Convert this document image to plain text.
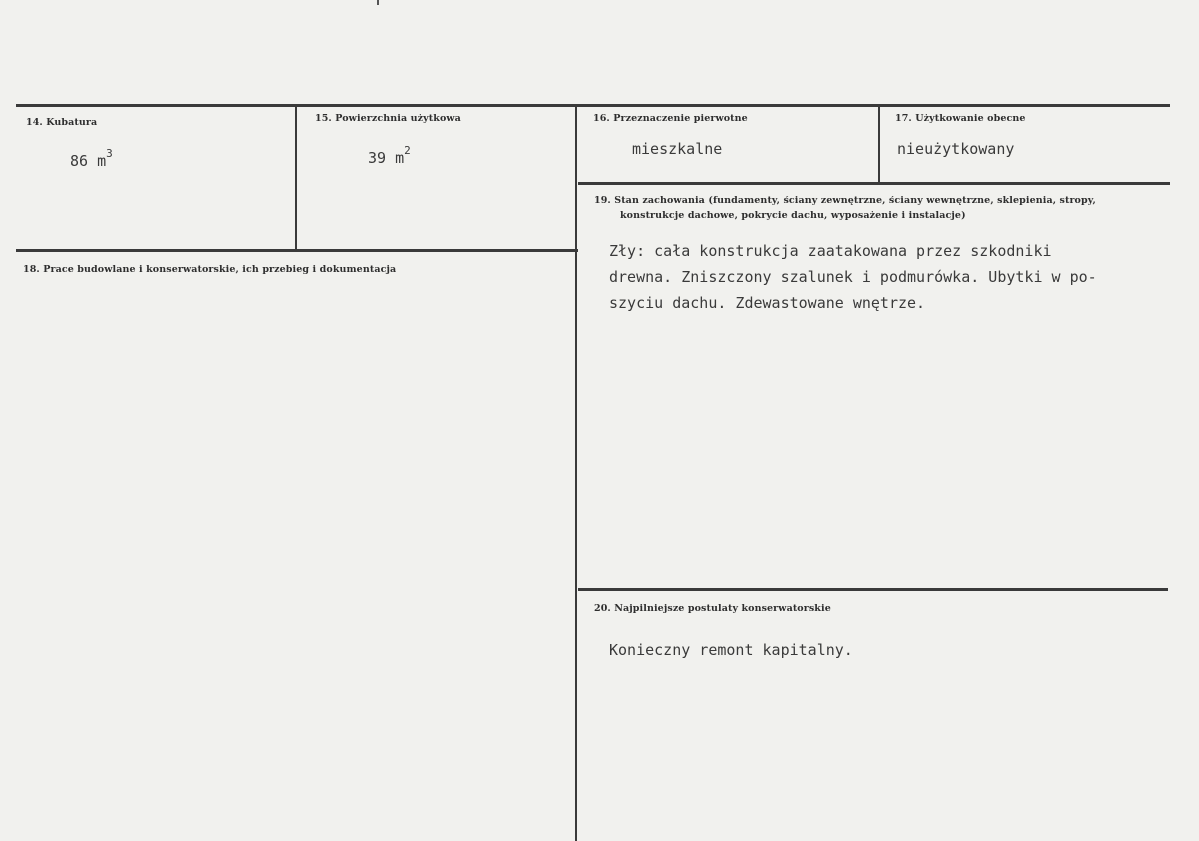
14. Kubatura
86 $m^3$
15. Powierzchnia użytkowa
39 $m^2$
16. Przeznaczenie pierwotne
mieszkalne
17. Użytkowanie obecne
nieużytkowany
18. Prace budowlane i konserwatorskie, ich przebieg i dokumentacja
19. Stan zachowania (fundamenty, ściany zewnętrzne, ściany wewnętrzne, sklepienia, stropy,
konstrukcje dachowe, pokrycie dachu, wyposażenie i instalacje)
Zły: cała konstrukcja zaatakowana przez szkodniki
drewna. Zniszczony szalunek i podmurówka. Ubytki w po-
szyciu dachu. Zdewastowane wnętrze.
20. Najpilniejsze postulaty konserwatorskie
Konieczny remont kapitalny.
